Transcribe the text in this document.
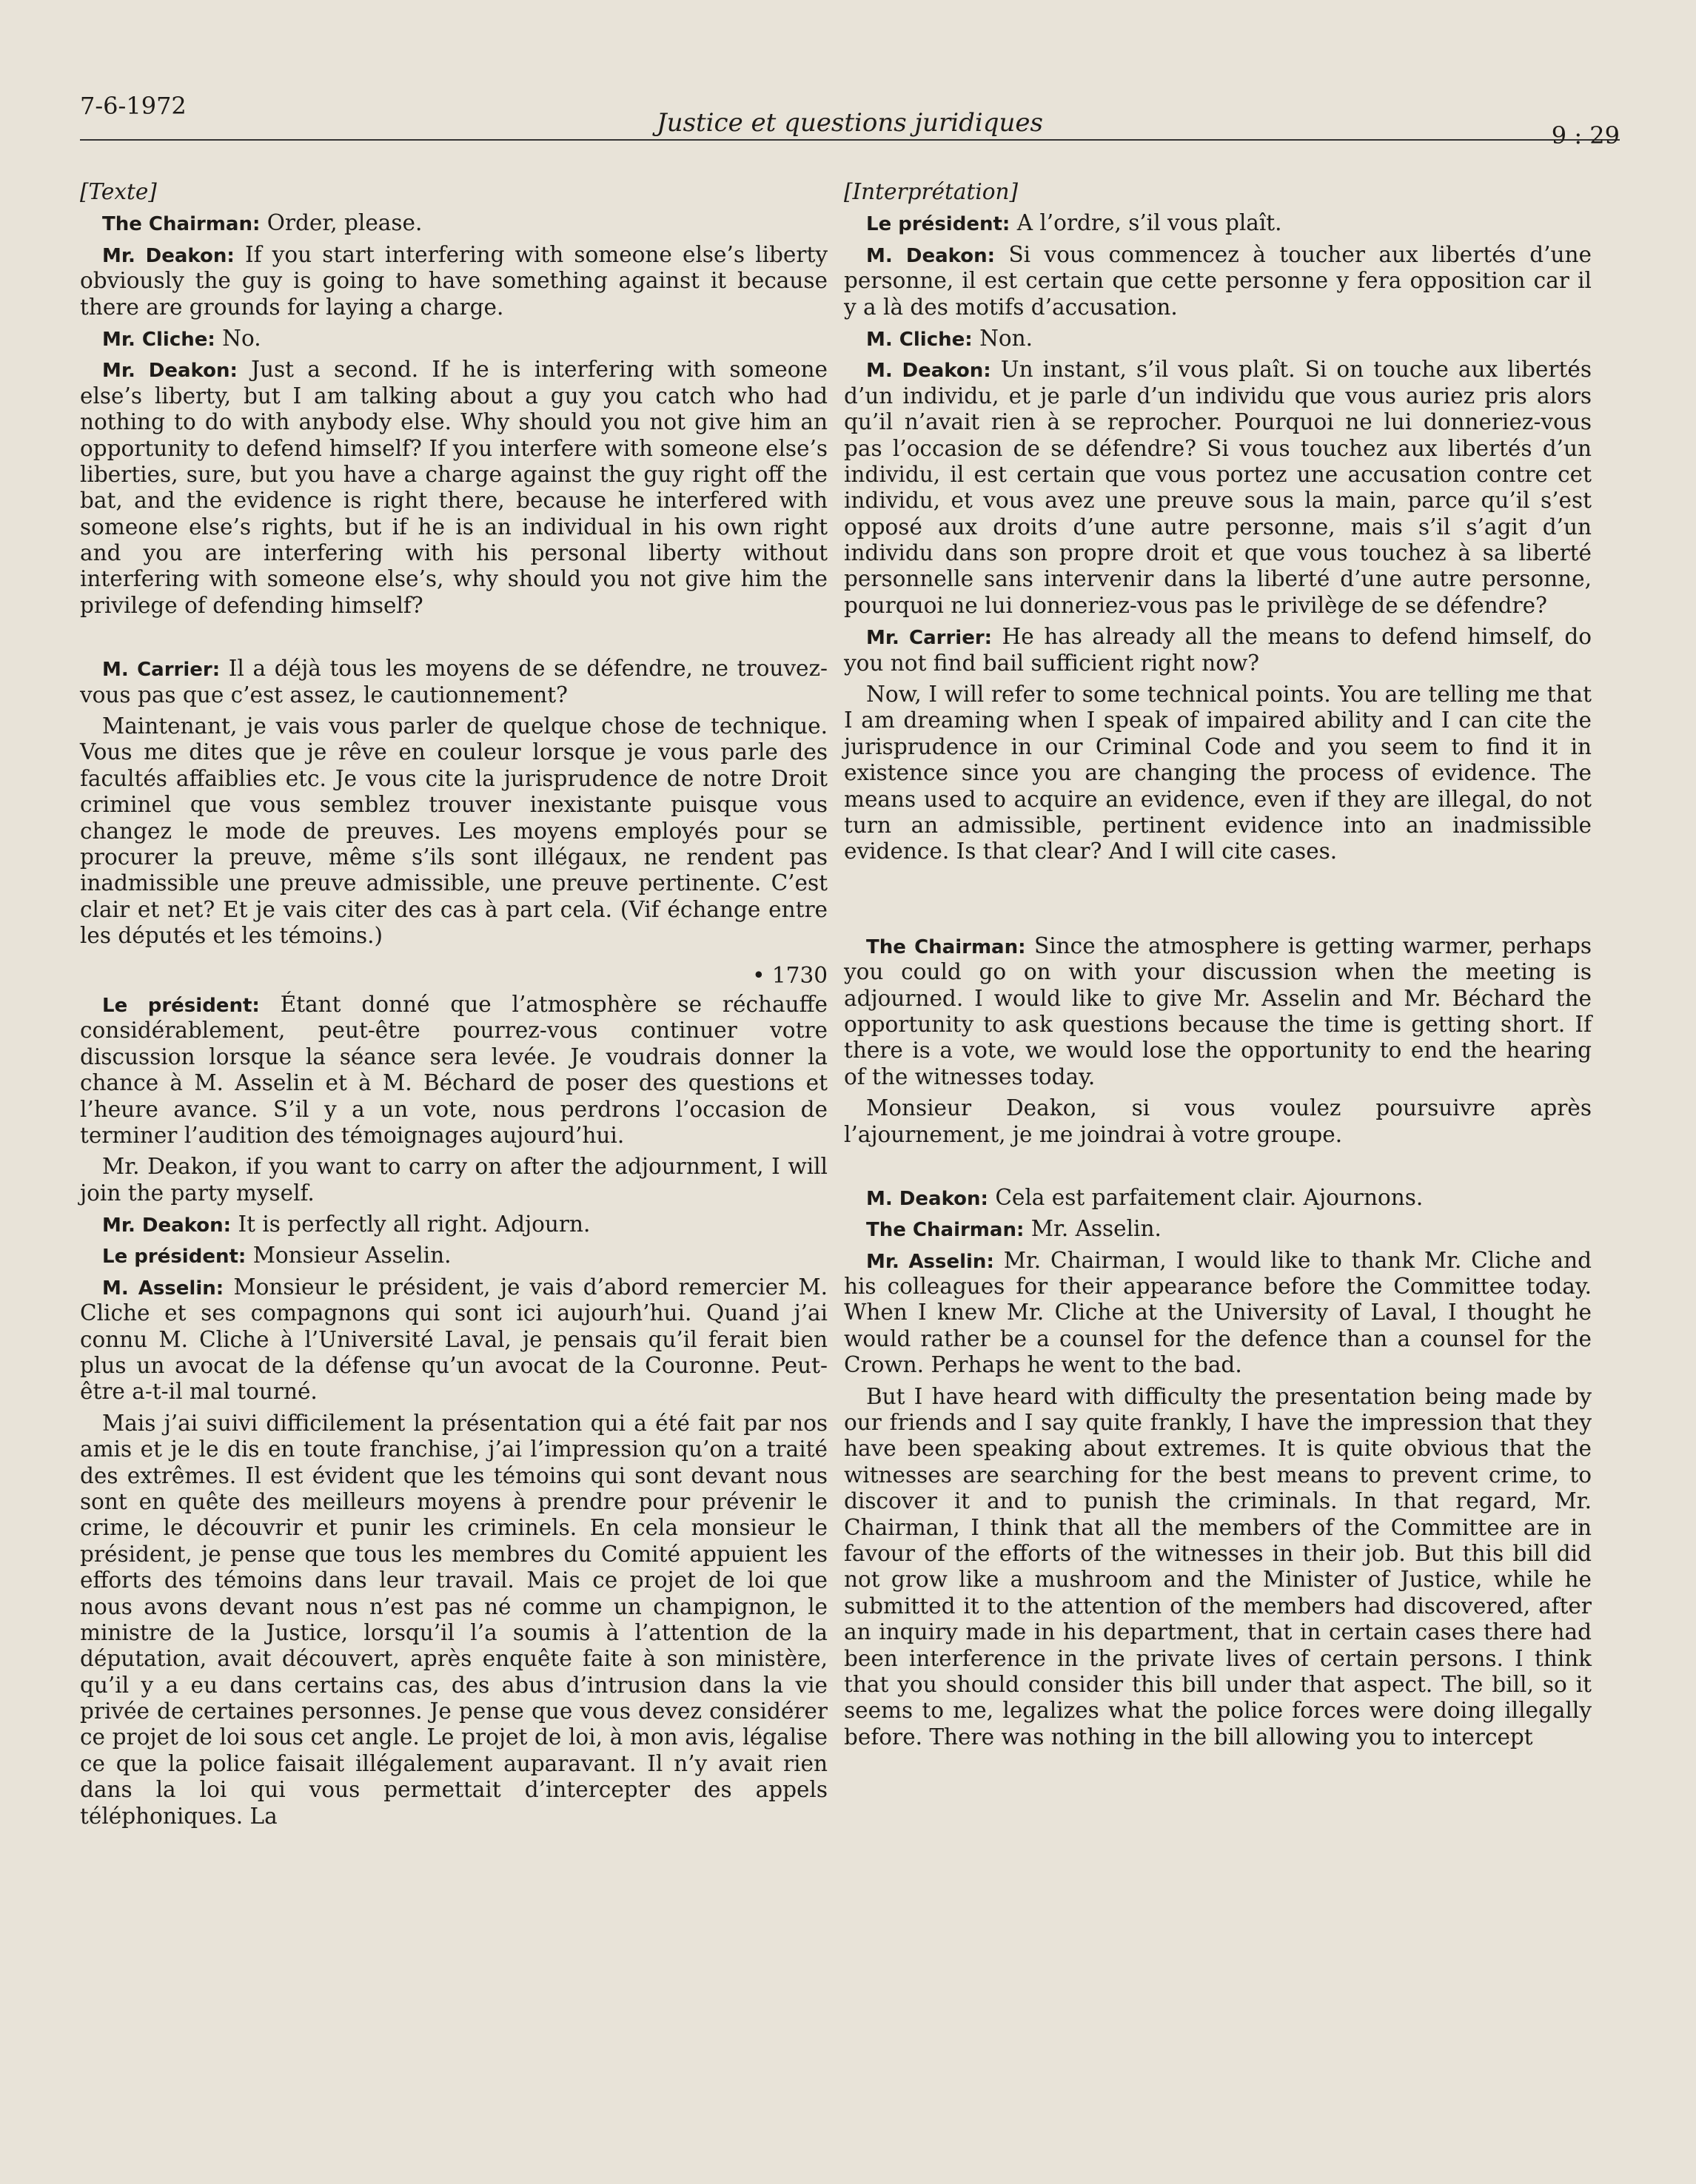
7-6-1972
Justice et questions juridiques	9 : 29
[Texte]

The Chairman: Order, please.

Mr. Deakon: If you start interfering with someone else’s liberty obviously the guy is going to have something against it because there are grounds for laying a charge.

Mr. Cliche: No.

Mr. Deakon: Just a second. If he is interfering with someone else’s liberty, but I am talking about a guy you catch who had nothing to do with anybody else. Why should you not give him an opportunity to defend himself? If you interfere with someone else’s liberties, sure, but you have a charge against the guy right off the bat, and the evidence is right there, because he interfered with someone else’s rights, but if he is an individual in his own right and you are interfering with his personal liberty without interfering with someone else’s, why should you not give him the privilege of defending himself?

M. Carrier: Il a déjà tous les moyens de se défendre, ne trouvez-vous pas que c’est assez, le cautionnement?

Maintenant, je vais vous parler de quelque chose de technique. Vous me dites que je rêve en couleur lorsque je vous parle des facultés affaiblies etc. Je vous cite la jurisprudence de notre Droit criminel que vous semblez trouver inexistante puisque vous changez le mode de preuves. Les moyens employés pour se procurer la preuve, même s’ils sont illégaux, ne rendent pas inadmissible une preuve admissible, une preuve pertinente. C’est clair et net? Et je vais citer des cas à part cela. (Vif échange entre les députés et les témoins.)

• 1730

Le président: Étant donné que l’atmosphère se réchauffe considérablement, peut-être pourrez-vous continuer votre discussion lorsque la séance sera levée. Je voudrais donner la chance à M. Asselin et à M. Béchard de poser des questions et l’heure avance. S’il y a un vote, nous perdrons l’occasion de terminer l’audition des témoignages aujourd’hui.

Mr. Deakon, if you want to carry on after the adjournment, I will join the party myself.

Mr. Deakon: It is perfectly all right. Adjourn.

Le président: Monsieur Asselin.

M. Asselin: Monsieur le président, je vais d’abord remercier M. Cliche et ses compagnons qui sont ici aujourh’hui. Quand j’ai connu M. Cliche à l’Université Laval, je pensais qu’il ferait bien plus un avocat de la défense qu’un avocat de la Couronne. Peut-être a-t-il mal tourné.

Mais j’ai suivi difficilement la présentation qui a été fait par nos amis et je le dis en toute franchise, j’ai l’impression qu’on a traité des extrêmes. Il est évident que les témoins qui sont devant nous sont en quête des meilleurs moyens à prendre pour prévenir le crime, le découvrir et punir les criminels. En cela monsieur le président, je pense que tous les membres du Comité appuient les efforts des témoins dans leur travail. Mais ce projet de loi que nous avons devant nous n’est pas né comme un champignon, le ministre de la Justice, lorsqu’il l’a soumis à l’attention de la députation, avait découvert, après enquête faite à son ministère, qu’il y a eu dans certains cas, des abus d’intrusion dans la vie privée de certaines personnes. Je pense que vous devez considérer ce projet de loi sous cet angle. Le projet de loi, à mon avis, légalise ce que la police faisait illégalement auparavant. Il n’y avait rien dans la loi qui vous permettait d’intercepter des appels téléphoniques. La

[Interprétation]

Le président: A l’ordre, s’il vous plaît.

M. Deakon: Si vous commencez à toucher aux libertés d’une personne, il est certain que cette personne y fera opposition car il y a là des motifs d’accusation.

M. Cliche: Non.

M. Deakon: Un instant, s’il vous plaît. Si on touche aux libertés d’un individu, et je parle d’un individu que vous auriez pris alors qu’il n’avait rien à se reprocher. Pourquoi ne lui donneriez-vous pas l’occasion de se défendre? Si vous touchez aux libertés d’un individu, il est certain que vous portez une accusation contre cet individu, et vous avez une preuve sous la main, parce qu’il s’est opposé aux droits d’une autre personne, mais s’il s’agit d’un individu dans son propre droit et que vous touchez à sa liberté personnelle sans intervenir dans la liberté d’une autre personne, pourquoi ne lui donneriez-vous pas le privilège de se défendre?

Mr. Carrier: He has already all the means to defend himself, do you not find bail sufficient right now?

Now, I will refer to some technical points. You are telling me that I am dreaming when I speak of impaired ability and I can cite the jurisprudence in our Criminal Code and you seem to find it in existence since you are changing the process of evidence. The means used to acquire an evidence, even if they are illegal, do not turn an admissible, pertinent evidence into an inadmissible evidence. Is that clear? And I will cite cases.

The Chairman: Since the atmosphere is getting warmer, perhaps you could go on with your discussion when the meeting is adjourned. I would like to give Mr. Asselin and Mr. Béchard the opportunity to ask questions because the time is getting short. If there is a vote, we would lose the opportunity to end the hearing of the witnesses today.

Monsieur Deakon, si vous voulez poursuivre après l’ajournement, je me joindrai à votre groupe.

M. Deakon: Cela est parfaitement clair. Ajournons.

The Chairman: Mr. Asselin.

Mr. Asselin: Mr. Chairman, I would like to thank Mr. Cliche and his colleagues for their appearance before the Committee today. When I knew Mr. Cliche at the University of Laval, I thought he would rather be a counsel for the defence than a counsel for the Crown. Perhaps he went to the bad.

But I have heard with difficulty the presentation being made by our friends and I say quite frankly, I have the impression that they have been speaking about extremes. It is quite obvious that the witnesses are searching for the best means to prevent crime, to discover it and to punish the criminals. In that regard, Mr. Chairman, I think that all the members of the Committee are in favour of the efforts of the witnesses in their job. But this bill did not grow like a mushroom and the Minister of Justice, while he submitted it to the attention of the members had discovered, after an inquiry made in his department, that in certain cases there had been interference in the private lives of certain persons. I think that you should consider this bill under that aspect. The bill, so it seems to me, legalizes what the police forces were doing illegally before. There was nothing in the bill allowing you to intercept
